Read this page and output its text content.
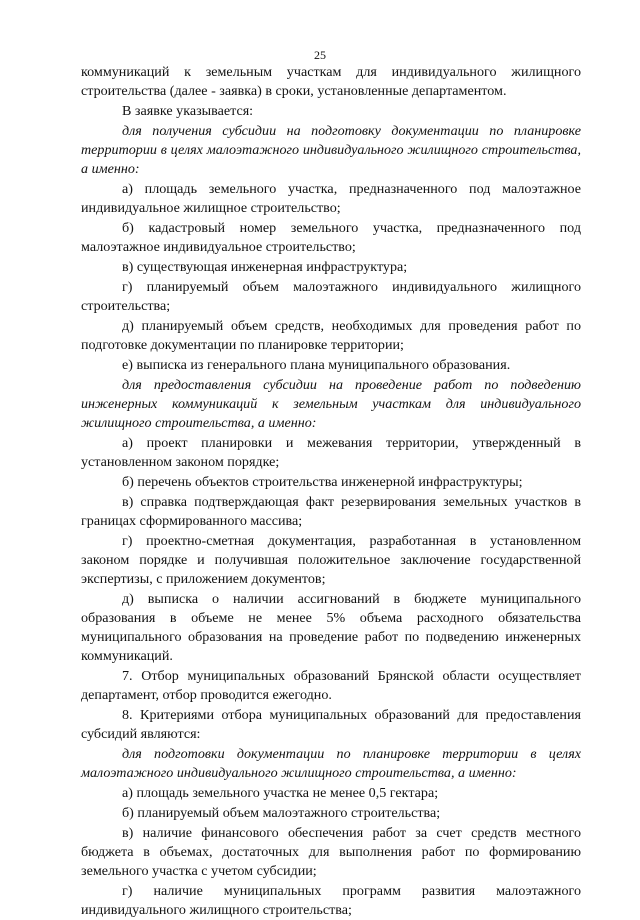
25

коммуникаций к земельным участкам для индивидуального жилищного строительства (далее - заявка) в сроки, установленные департаментом.

В заявке указывается:

для получения субсидии на подготовку документации по планировке территории в целях малоэтажного индивидуального жилищного строительства, а именно:

а) площадь земельного участка, предназначенного под малоэтажное индивидуальное жилищное строительство;

б) кадастровый номер земельного участка, предназначенного под малоэтажное индивидуальное строительство;

в) существующая инженерная инфраструктура;

г) планируемый объем малоэтажного индивидуального жилищного строительства;

д) планируемый объем средств, необходимых для проведения работ по подготовке документации по планировке территории;

е) выписка из генерального плана муниципального образования.

для предоставления субсидии на проведение работ по подведению инженерных коммуникаций к земельным участкам для индивидуального жилищного строительства, а именно:

а) проект планировки и межевания территории, утвержденный в установленном законом порядке;

б) перечень объектов строительства инженерной инфраструктуры;

в) справка подтверждающая факт резервирования земельных участков в границах сформированного массива;

г) проектно-сметная документация, разработанная в установленном законом порядке и получившая положительное заключение государственной экспертизы, с приложением документов;

д) выписка о наличии ассигнований в бюджете муниципального образования в объеме не менее 5% объема расходного обязательства муниципального образования на проведение работ по подведению инженерных коммуникаций.

7. Отбор муниципальных образований Брянской области осуществляет департамент, отбор проводится ежегодно.

8. Критериями отбора муниципальных образований для предоставления субсидий являются:

для подготовки документации по планировке территории в целях малоэтажного индивидуального жилищного строительства, а именно:

а) площадь земельного участка не менее 0,5 гектара;

б) планируемый объем малоэтажного строительства;

в) наличие финансового обеспечения работ за счет средств местного бюджета в объемах, достаточных для выполнения работ по формированию земельного участка с учетом субсидии;

г) наличие муниципальных программ развития малоэтажного индивидуального жилищного строительства;
